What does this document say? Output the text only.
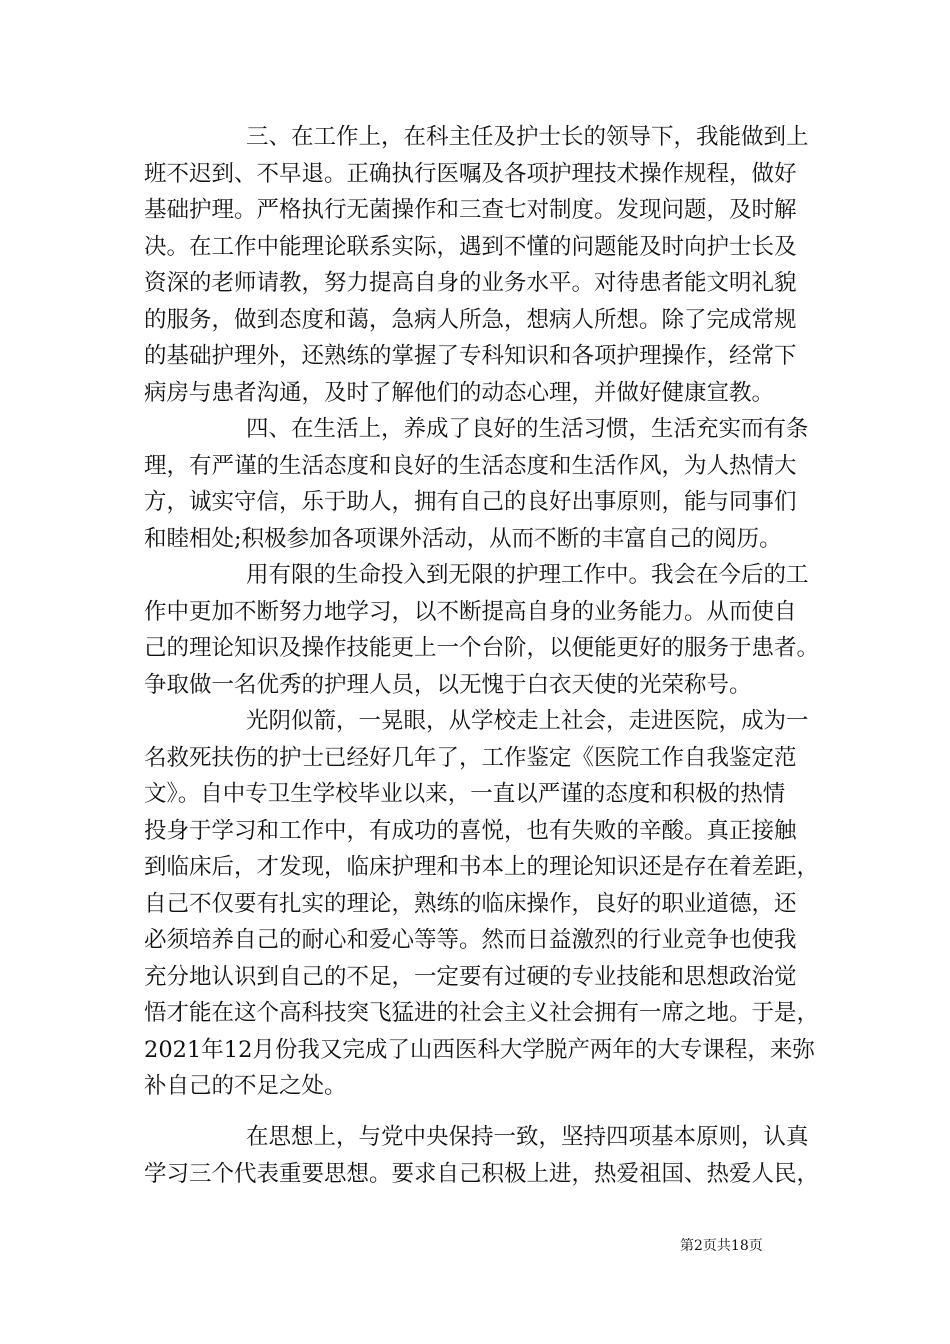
三、在工作上，在科主任及护士长的领导下，我能做到上
班不迟到、不早退。正确执行医嘱及各项护理技术操作规程，做好
基础护理。严格执行无菌操作和三查七对制度。发现问题，及时解
决。在工作中能理论联系实际，遇到不懂的问题能及时向护士长及
资深的老师请教，努力提高自身的业务水平。对待患者能文明礼貌
的服务，做到态度和蔼，急病人所急，想病人所想。除了完成常规
的基础护理外，还熟练的掌握了专科知识和各项护理操作，经常下
病房与患者沟通，及时了解他们的动态心理，并做好健康宣教。
四、在生活上，养成了良好的生活习惯，生活充实而有条
理，有严谨的生活态度和良好的生活态度和生活作风，为人热情大
方，诚实守信，乐于助人，拥有自己的良好出事原则，能与同事们
和睦相处;积极参加各项课外活动，从而不断的丰富自己的阅历。
用有限的生命投入到无限的护理工作中。我会在今后的工
作中更加不断努力地学习，以不断提高自身的业务能力。从而使自
己的理论知识及操作技能更上一个台阶，以便能更好的服务于患者。
争取做一名优秀的护理人员，以无愧于白衣天使的光荣称号。
光阴似箭，一晃眼，从学校走上社会，走进医院，成为一
名救死扶伤的护士已经好几年了，工作鉴定《医院工作自我鉴定范
文》。自中专卫生学校毕业以来，一直以严谨的态度和积极的热情
投身于学习和工作中，有成功的喜悦，也有失败的辛酸。真正接触
到临床后，才发现，临床护理和书本上的理论知识还是存在着差距，
自己不仅要有扎实的理论，熟练的临床操作，良好的职业道德，还
必须培养自己的耐心和爱心等等。然而日益激烈的行业竞争也使我
充分地认识到自己的不足，一定要有过硬的专业技能和思想政治觉
悟才能在这个高科技突飞猛进的社会主义社会拥有一席之地。于是，
2021年12月份我又完成了山西医科大学脱产两年的大专课程，来弥
补自己的不足之处。
在思想上，与党中央保持一致，坚持四项基本原则，认真
学习三个代表重要思想。要求自己积极上进，热爱祖国、热爱人民，
第2页共18页
